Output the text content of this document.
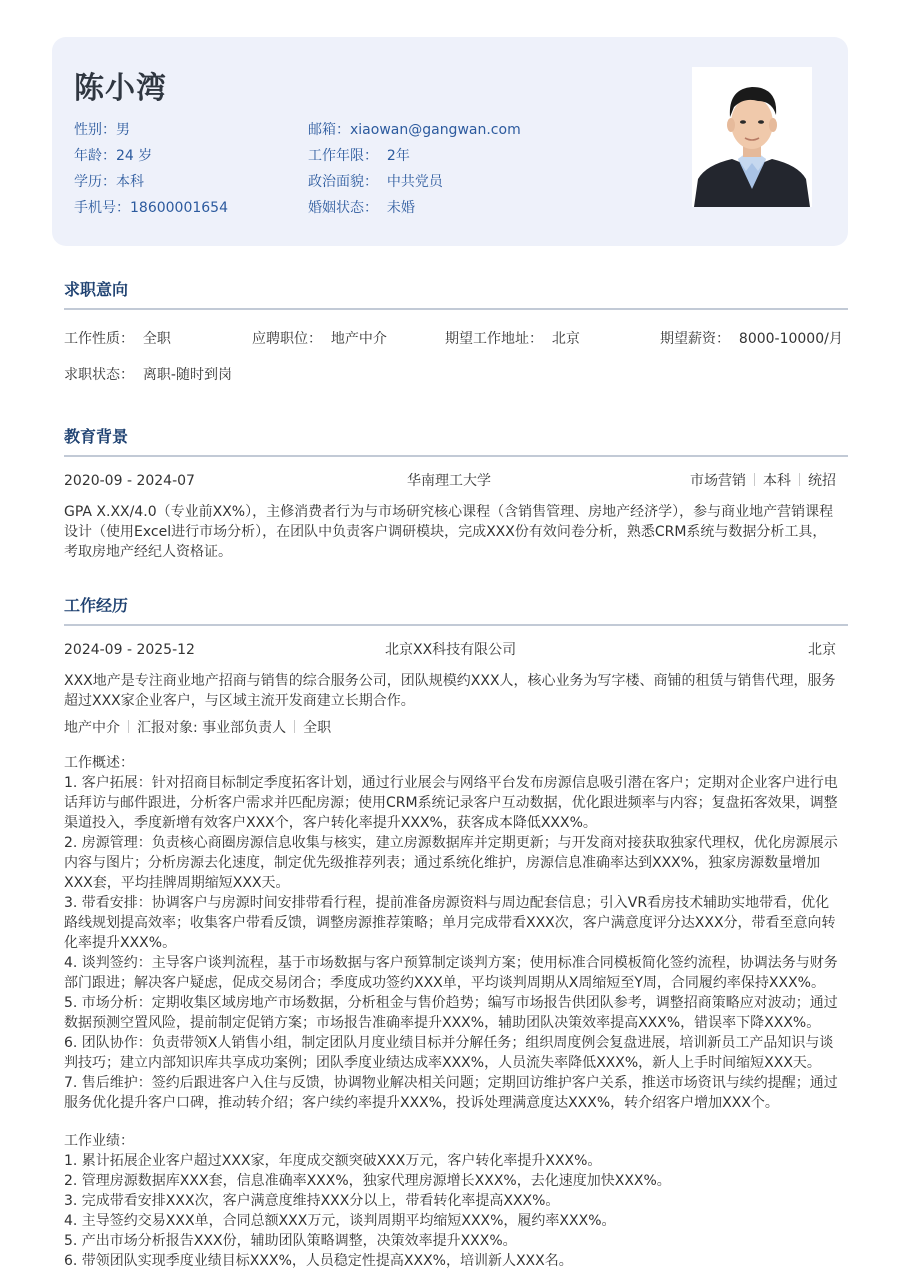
陈小湾
性别：男
年龄：24 岁
学历：本科
手机号：18600001654
邮箱：xiaowan@gangwan.com
工作年限： 2年
政治面貌： 中共党员
婚姻状态： 未婚
求职意向
工作性质： 全职	应聘职位： 地产中介	期望工作地址： 北京	期望薪资： 8000-10000/月
求职状态： 离职-随时到岗
教育背景
2020-09 - 2024-07	华南理工大学	市场营销 本科 统招
GPA X.XX/4.0（专业前XX%），主修消费者行为与市场研究核心课程（含销售管理、房地产经济学），参与商业地产营销课程设计（使用Excel进行市场分析），在团队中负责客户调研模块，完成XXX份有效问卷分析，熟悉CRM系统与数据分析工具，考取房地产经纪人资格证。
工作经历
2024-09 - 2025-12	北京XX科技有限公司	北京
XXX地产是专注商业地产招商与销售的综合服务公司，团队规模约XXX人，核心业务为写字楼、商铺的租赁与销售代理，服务超过XXX家企业客户，与区域主流开发商建立长期合作。
地产中介 汇报对象: 事业部负责人 全职
工作概述：
1. 客户拓展：针对招商目标制定季度拓客计划，通过行业展会与网络平台发布房源信息吸引潜在客户；定期对企业客户进行电话拜访与邮件跟进，分析客户需求并匹配房源；使用CRM系统记录客户互动数据，优化跟进频率与内容；复盘拓客效果，调整渠道投入，季度新增有效客户XXX个，客户转化率提升XXX%，获客成本降低XXX%。
2. 房源管理：负责核心商圈房源信息收集与核实，建立房源数据库并定期更新；与开发商对接获取独家代理权，优化房源展示内容与图片；分析房源去化速度，制定优先级推荐列表；通过系统化维护，房源信息准确率达到XXX%，独家房源数量增加XXX套，平均挂牌周期缩短XXX天。
3. 带看安排：协调客户与房源时间安排带看行程，提前准备房源资料与周边配套信息；引入VR看房技术辅助实地带看，优化路线规划提高效率；收集客户带看反馈，调整房源推荐策略；单月完成带看XXX次，客户满意度评分达XXX分，带看至意向转化率提升XXX%。
4. 谈判签约：主导客户谈判流程，基于市场数据与客户预算制定谈判方案；使用标准合同模板简化签约流程，协调法务与财务部门跟进；解决客户疑虑，促成交易闭合；季度成功签约XXX单，平均谈判周期从X周缩短至Y周，合同履约率保持XXX%。
5. 市场分析：定期收集区域房地产市场数据，分析租金与售价趋势；编写市场报告供团队参考，调整招商策略应对波动；通过数据预测空置风险，提前制定促销方案；市场报告准确率提升XXX%，辅助团队决策效率提高XXX%，错误率下降XXX%。
6. 团队协作：负责带领X人销售小组，制定团队月度业绩目标并分解任务；组织周度例会复盘进展，培训新员工产品知识与谈判技巧；建立内部知识库共享成功案例；团队季度业绩达成率XXX%，人员流失率降低XXX%，新人上手时间缩短XXX天。
7. 售后维护：签约后跟进客户入住与反馈，协调物业解决相关问题；定期回访维护客户关系，推送市场资讯与续约提醒；通过服务优化提升客户口碑，推动转介绍；客户续约率提升XXX%，投诉处理满意度达XXX%，转介绍客户增加XXX个。
工作业绩：
1. 累计拓展企业客户超过XXX家，年度成交额突破XXX万元，客户转化率提升XXX%。
2. 管理房源数据库XXX套，信息准确率XXX%，独家代理房源增长XXX%，去化速度加快XXX%。
3. 完成带看安排XXX次，客户满意度维持XXX分以上，带看转化率提高XXX%。
4. 主导签约交易XXX单，合同总额XXX万元，谈判周期平均缩短XXX%，履约率XXX%。
5. 产出市场分析报告XXX份，辅助团队策略调整，决策效率提升XXX%。
6. 带领团队实现季度业绩目标XXX%，人员稳定性提高XXX%，培训新人XXX名。
